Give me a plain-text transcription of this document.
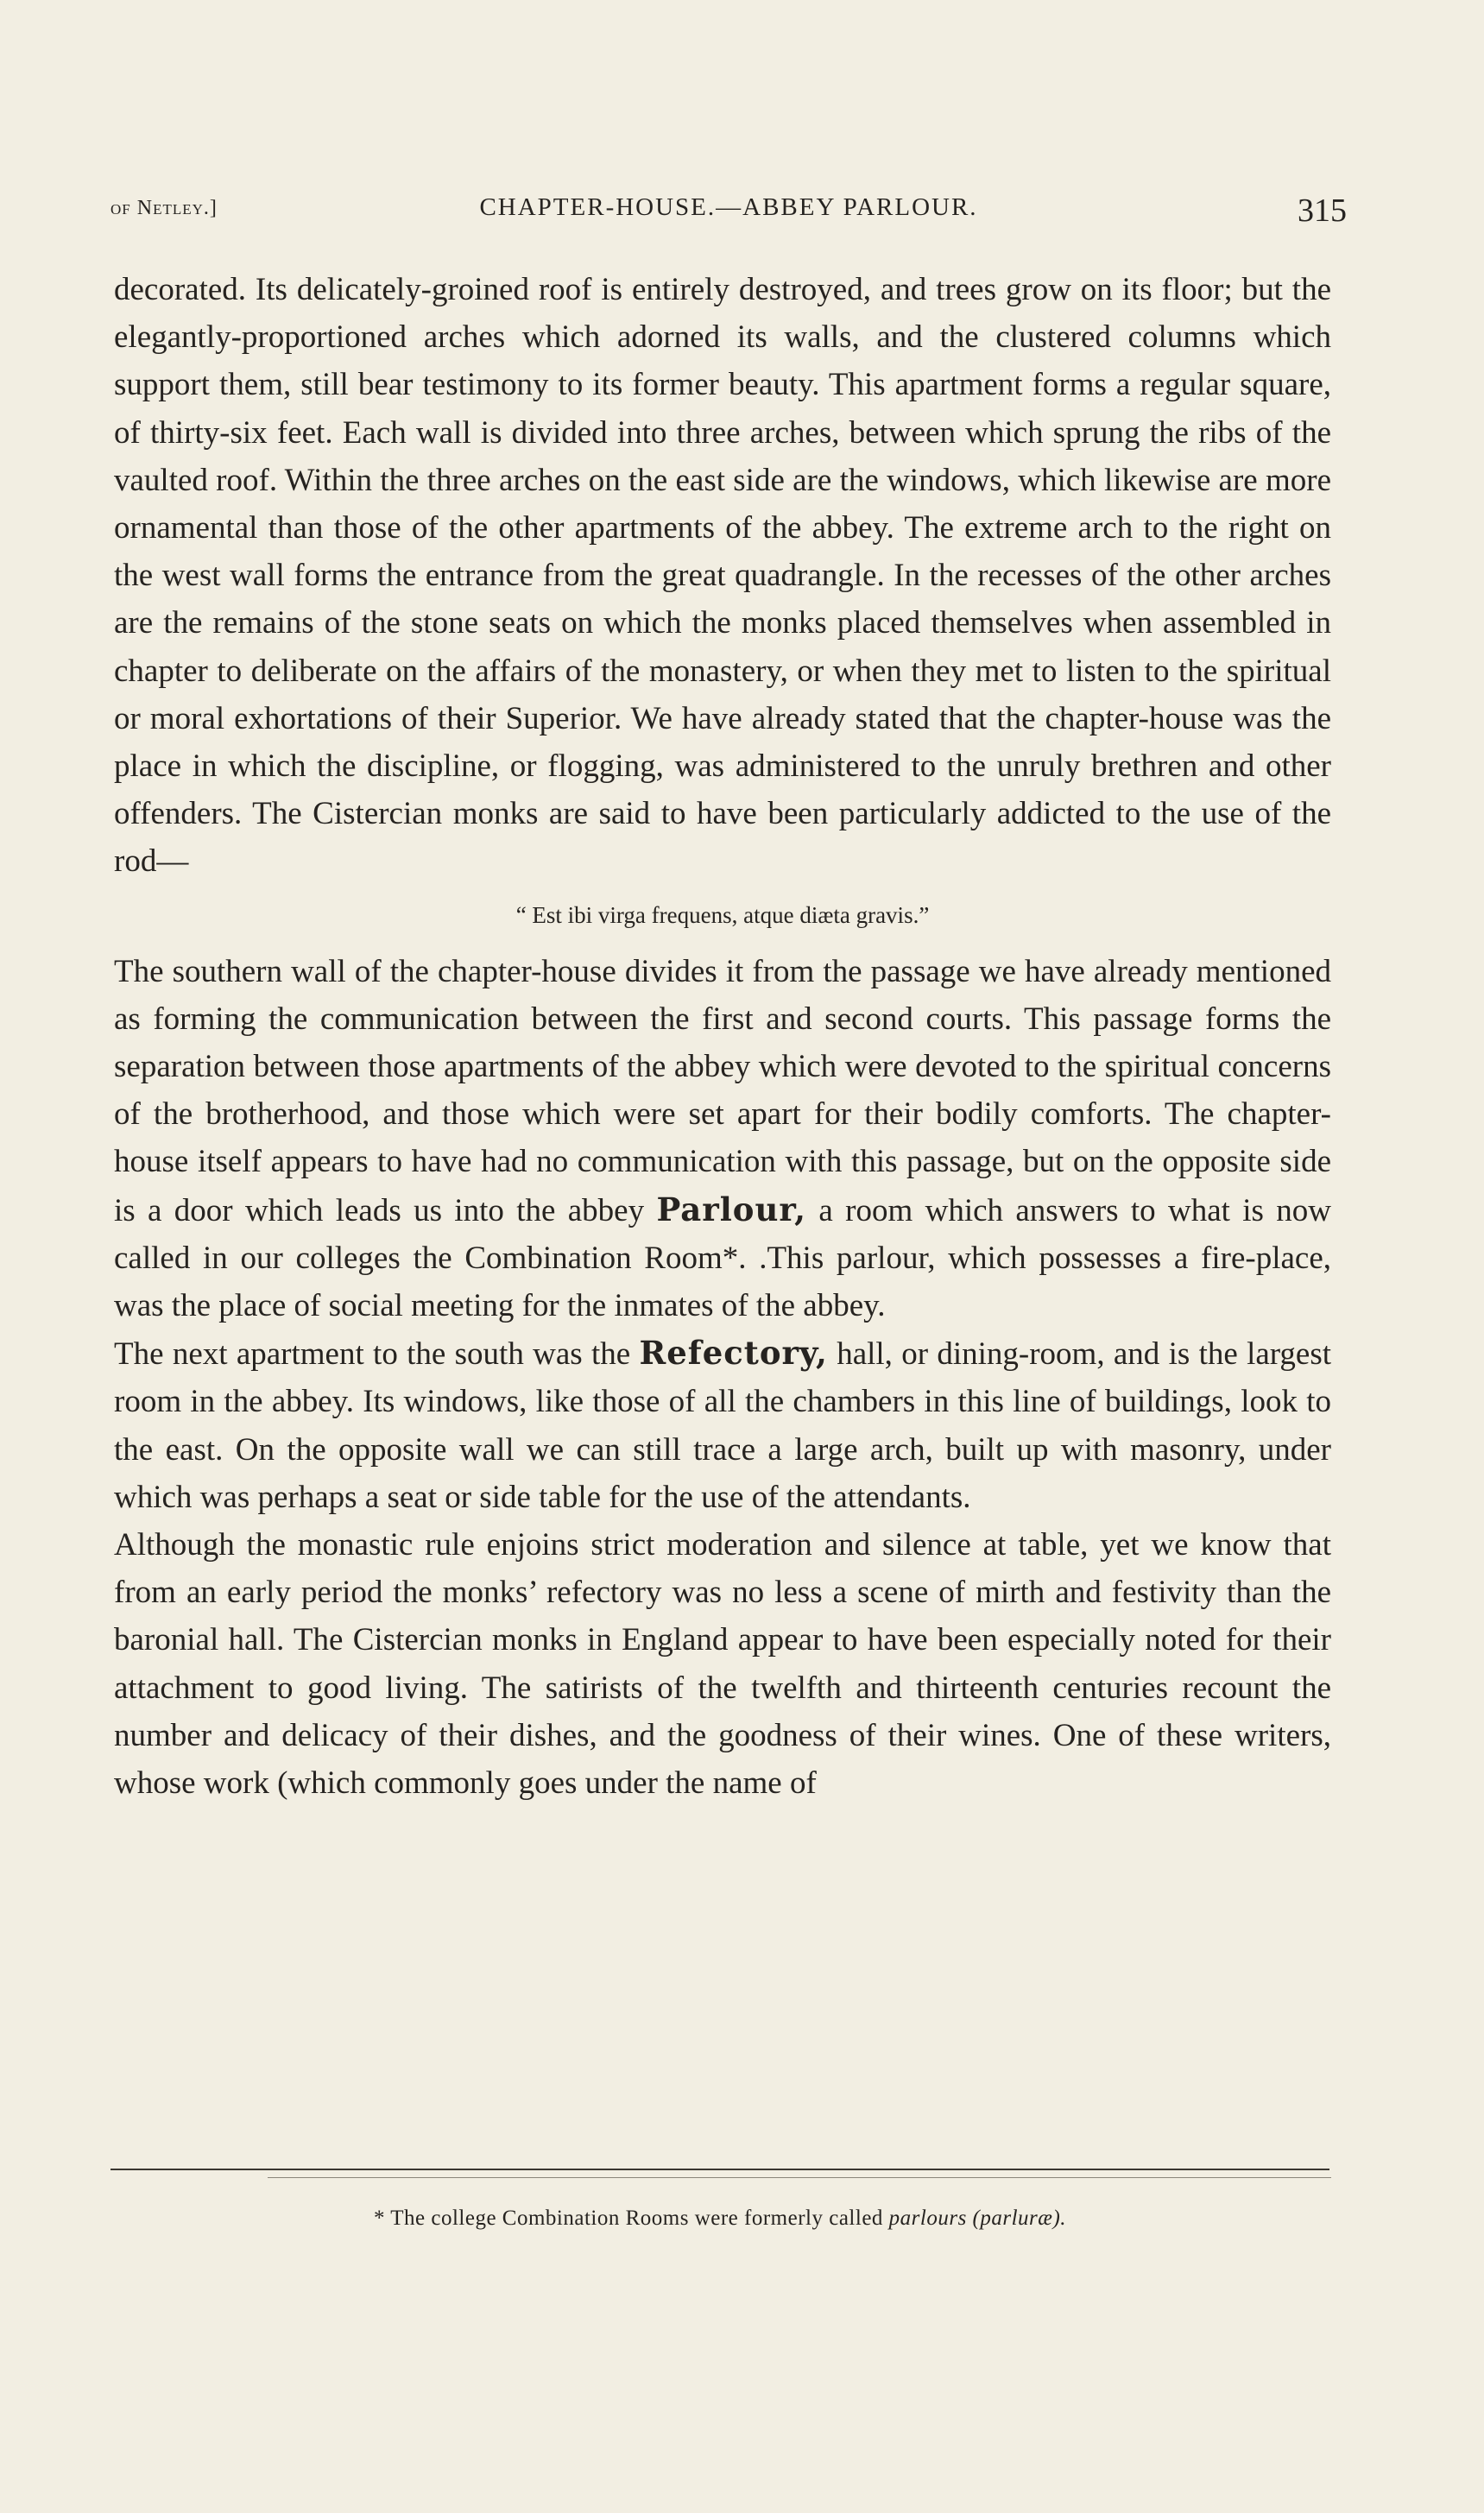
of Netley.]	CHAPTER-HOUSE.—ABBEY PARLOUR.	315

decorated. Its delicately-groined roof is entirely destroyed, and trees grow on its floor; but the elegantly-proportioned arches which adorned its walls, and the clustered columns which support them, still bear testimony to its former beauty. This apartment forms a regular square, of thirty-six feet. Each wall is divided into three arches, between which sprung the ribs of the vaulted roof. Within the three arches on the east side are the windows, which likewise are more ornamental than those of the other apartments of the abbey. The extreme arch to the right on the west wall forms the entrance from the great quadrangle. In the recesses of the other arches are the remains of the stone seats on which the monks placed themselves when assembled in chapter to deliberate on the affairs of the monastery, or when they met to listen to the spiritual or moral exhortations of their Superior. We have already stated that the chapter-house was the place in which the discipline, or flogging, was administered to the unruly brethren and other offenders. The Cistercian monks are said to have been particularly addicted to the use of the rod—

“ Est ibi virga frequens, atque diæta gravis.”

The southern wall of the chapter-house divides it from the passage we have already mentioned as forming the communication between the first and second courts. This passage forms the separation between those apartments of the abbey which were devoted to the spiritual concerns of the brotherhood, and those which were set apart for their bodily comforts. The chapter-house itself appears to have had no communication with this passage, but on the opposite side is a door which leads us into the abbey Parlour, a room which answers to what is now called in our colleges the Combination Room*. .This parlour, which possesses a fire-place, was the place of social meeting for the inmates of the abbey.

The next apartment to the south was the Refectory, hall, or dining-room, and is the largest room in the abbey. Its windows, like those of all the chambers in this line of buildings, look to the east. On the opposite wall we can still trace a large arch, built up with masonry, under which was perhaps a seat or side table for the use of the attendants.

Although the monastic rule enjoins strict moderation and silence at table, yet we know that from an early period the monks’ refectory was no less a scene of mirth and festivity than the baronial hall. The Cistercian monks in England appear to have been especially noted for their attachment to good living. The satirists of the twelfth and thirteenth centuries recount the number and delicacy of their dishes, and the goodness of their wines. One of these writers, whose work (which commonly goes under the name of

* The college Combination Rooms were formerly called parlours (parluræ).
